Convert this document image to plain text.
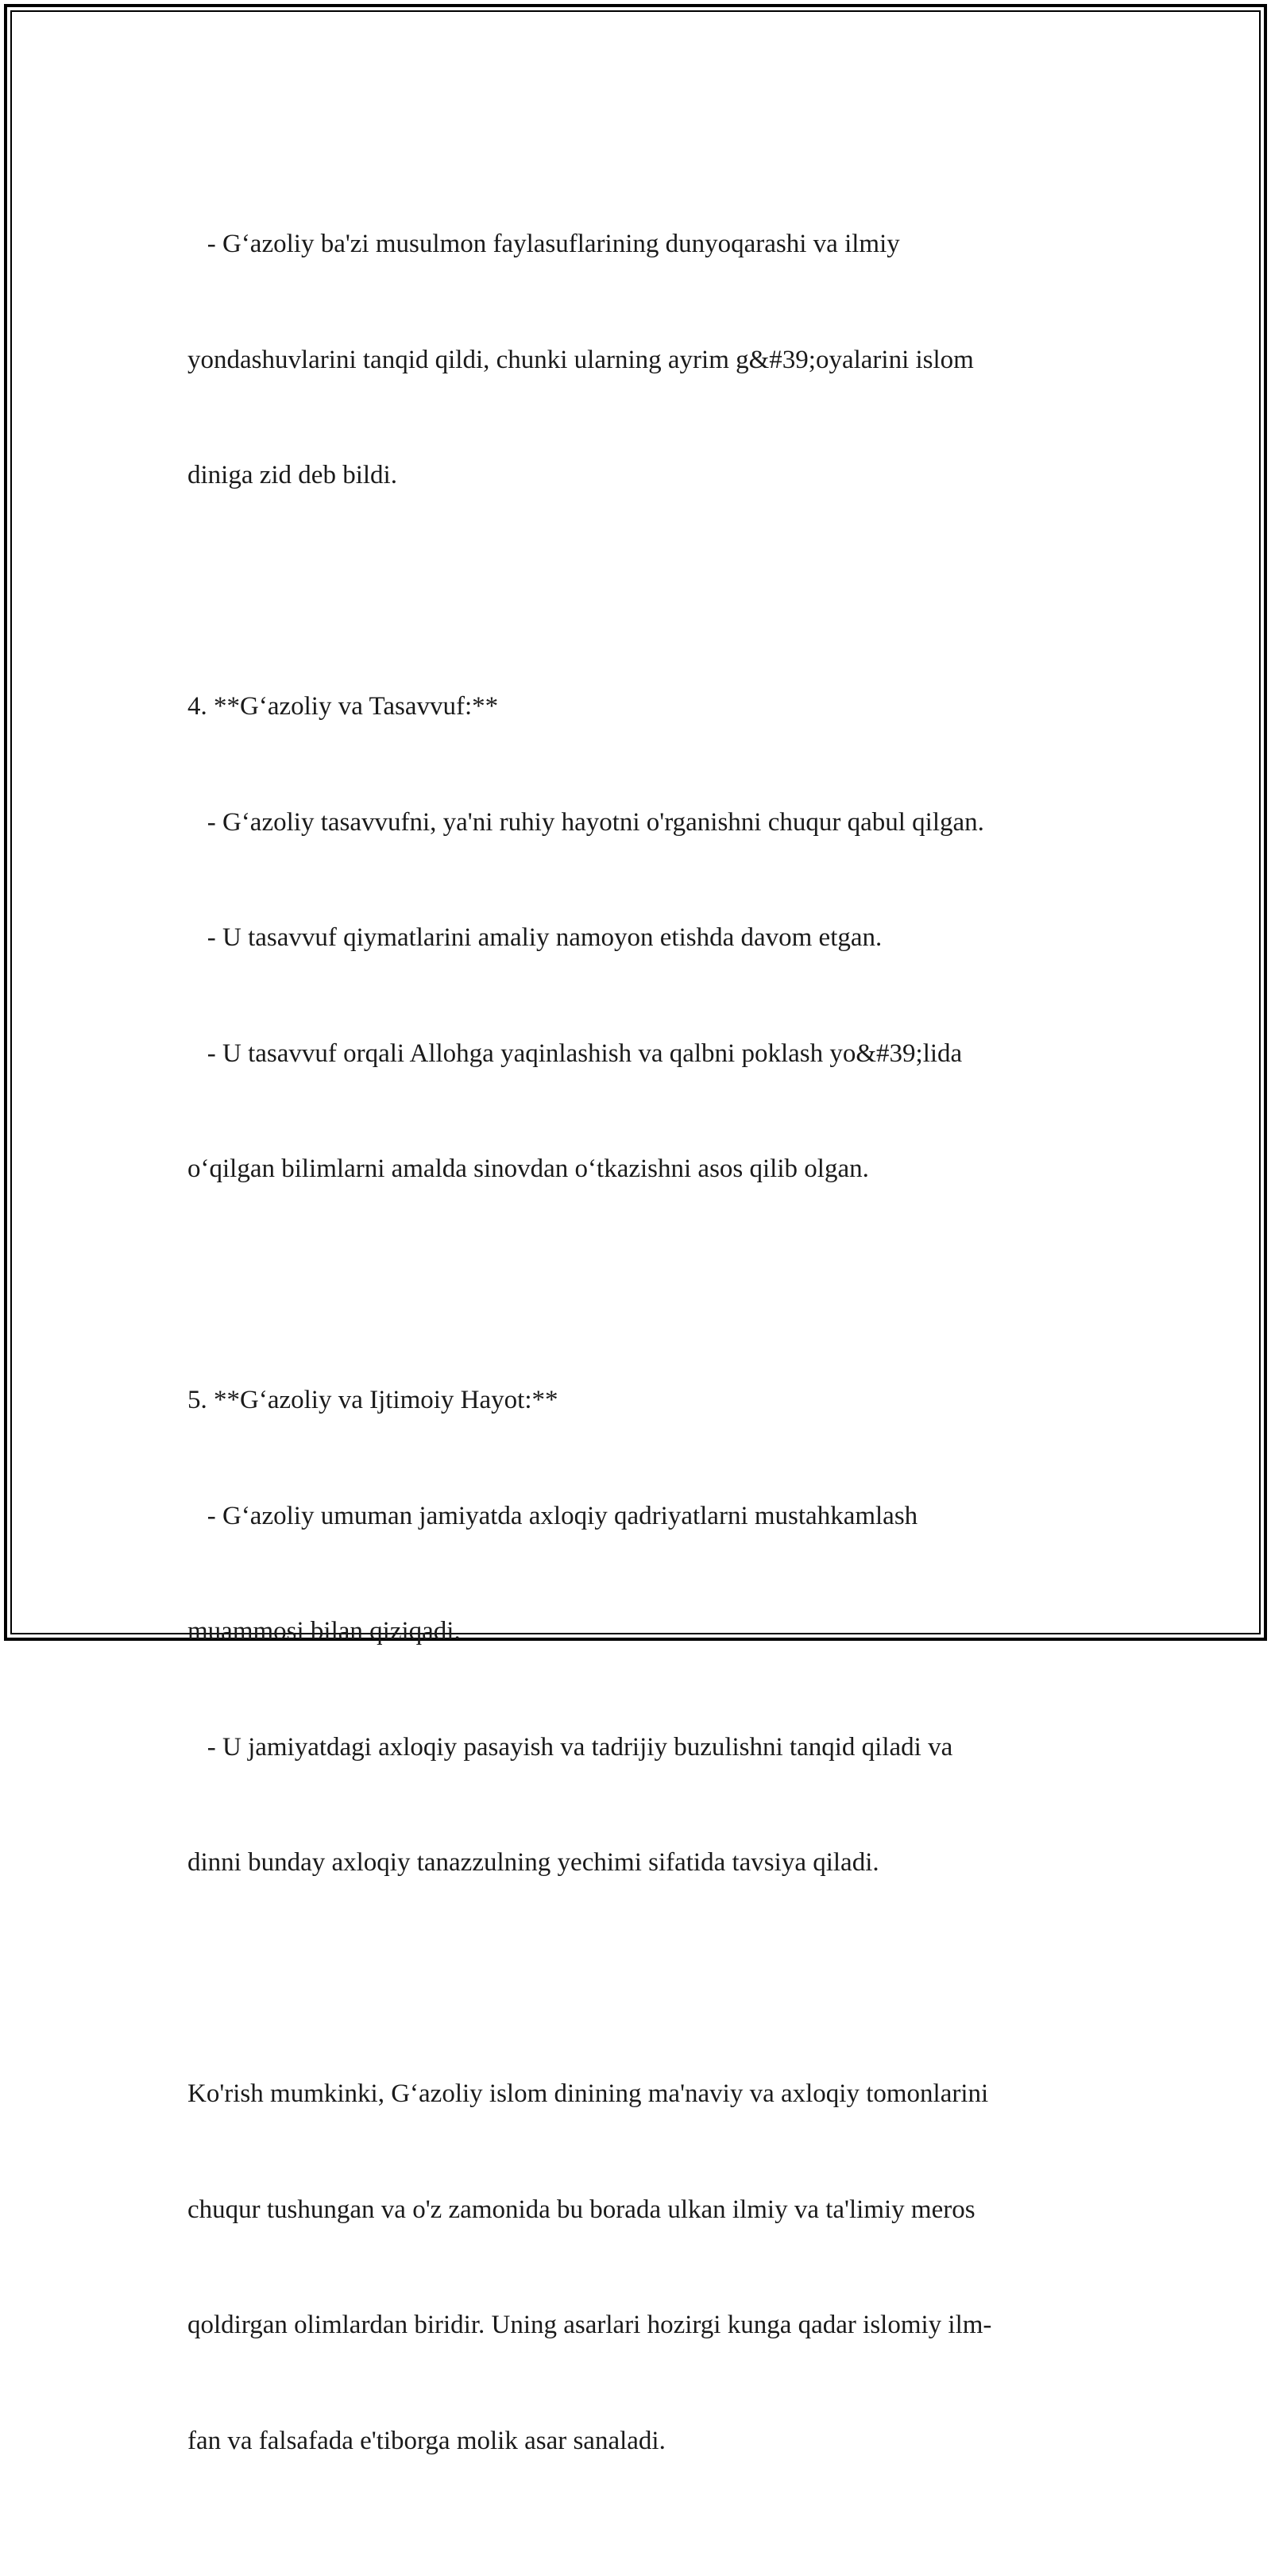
- G‘azoliy ba'zi musulmon faylasuflarining dunyoqarashi va ilmiy

yondashuvlarini tanqid qildi, chunki ularning ayrim g&#39;oyalarini islom

diniga zid deb bildi.

4. **G‘azoliy va Tasavvuf:**

- G‘azoliy tasavvufni, ya'ni ruhiy hayotni o'rganishni chuqur qabul qilgan.

- U tasavvuf qiymatlarini amaliy namoyon etishda davom etgan.

- U tasavvuf orqali Allohga yaqinlashish va qalbni poklash yo&#39;lida

o‘qilgan bilimlarni amalda sinovdan o‘tkazishni asos qilib olgan.

5. **G‘azoliy va Ijtimoiy Hayot:**

- G‘azoliy umuman jamiyatda axloqiy qadriyatlarni mustahkamlash

muammosi bilan qiziqadi.

- U jamiyatdagi axloqiy pasayish va tadrijiy buzulishni tanqid qiladi va

dinni bunday axloqiy tanazzulning yechimi sifatida tavsiya qiladi.

Ko'rish mumkinki, G‘azoliy islom dinining ma'naviy va axloqiy tomonlarini

chuqur tushungan va o'z zamonida bu borada ulkan ilmiy va ta'limiy meros

qoldirgan olimlardan biridir. Uning asarlari hozirgi kunga qadar islomiy ilm-

fan va falsafada e'tiborga molik asar sanaladi.
